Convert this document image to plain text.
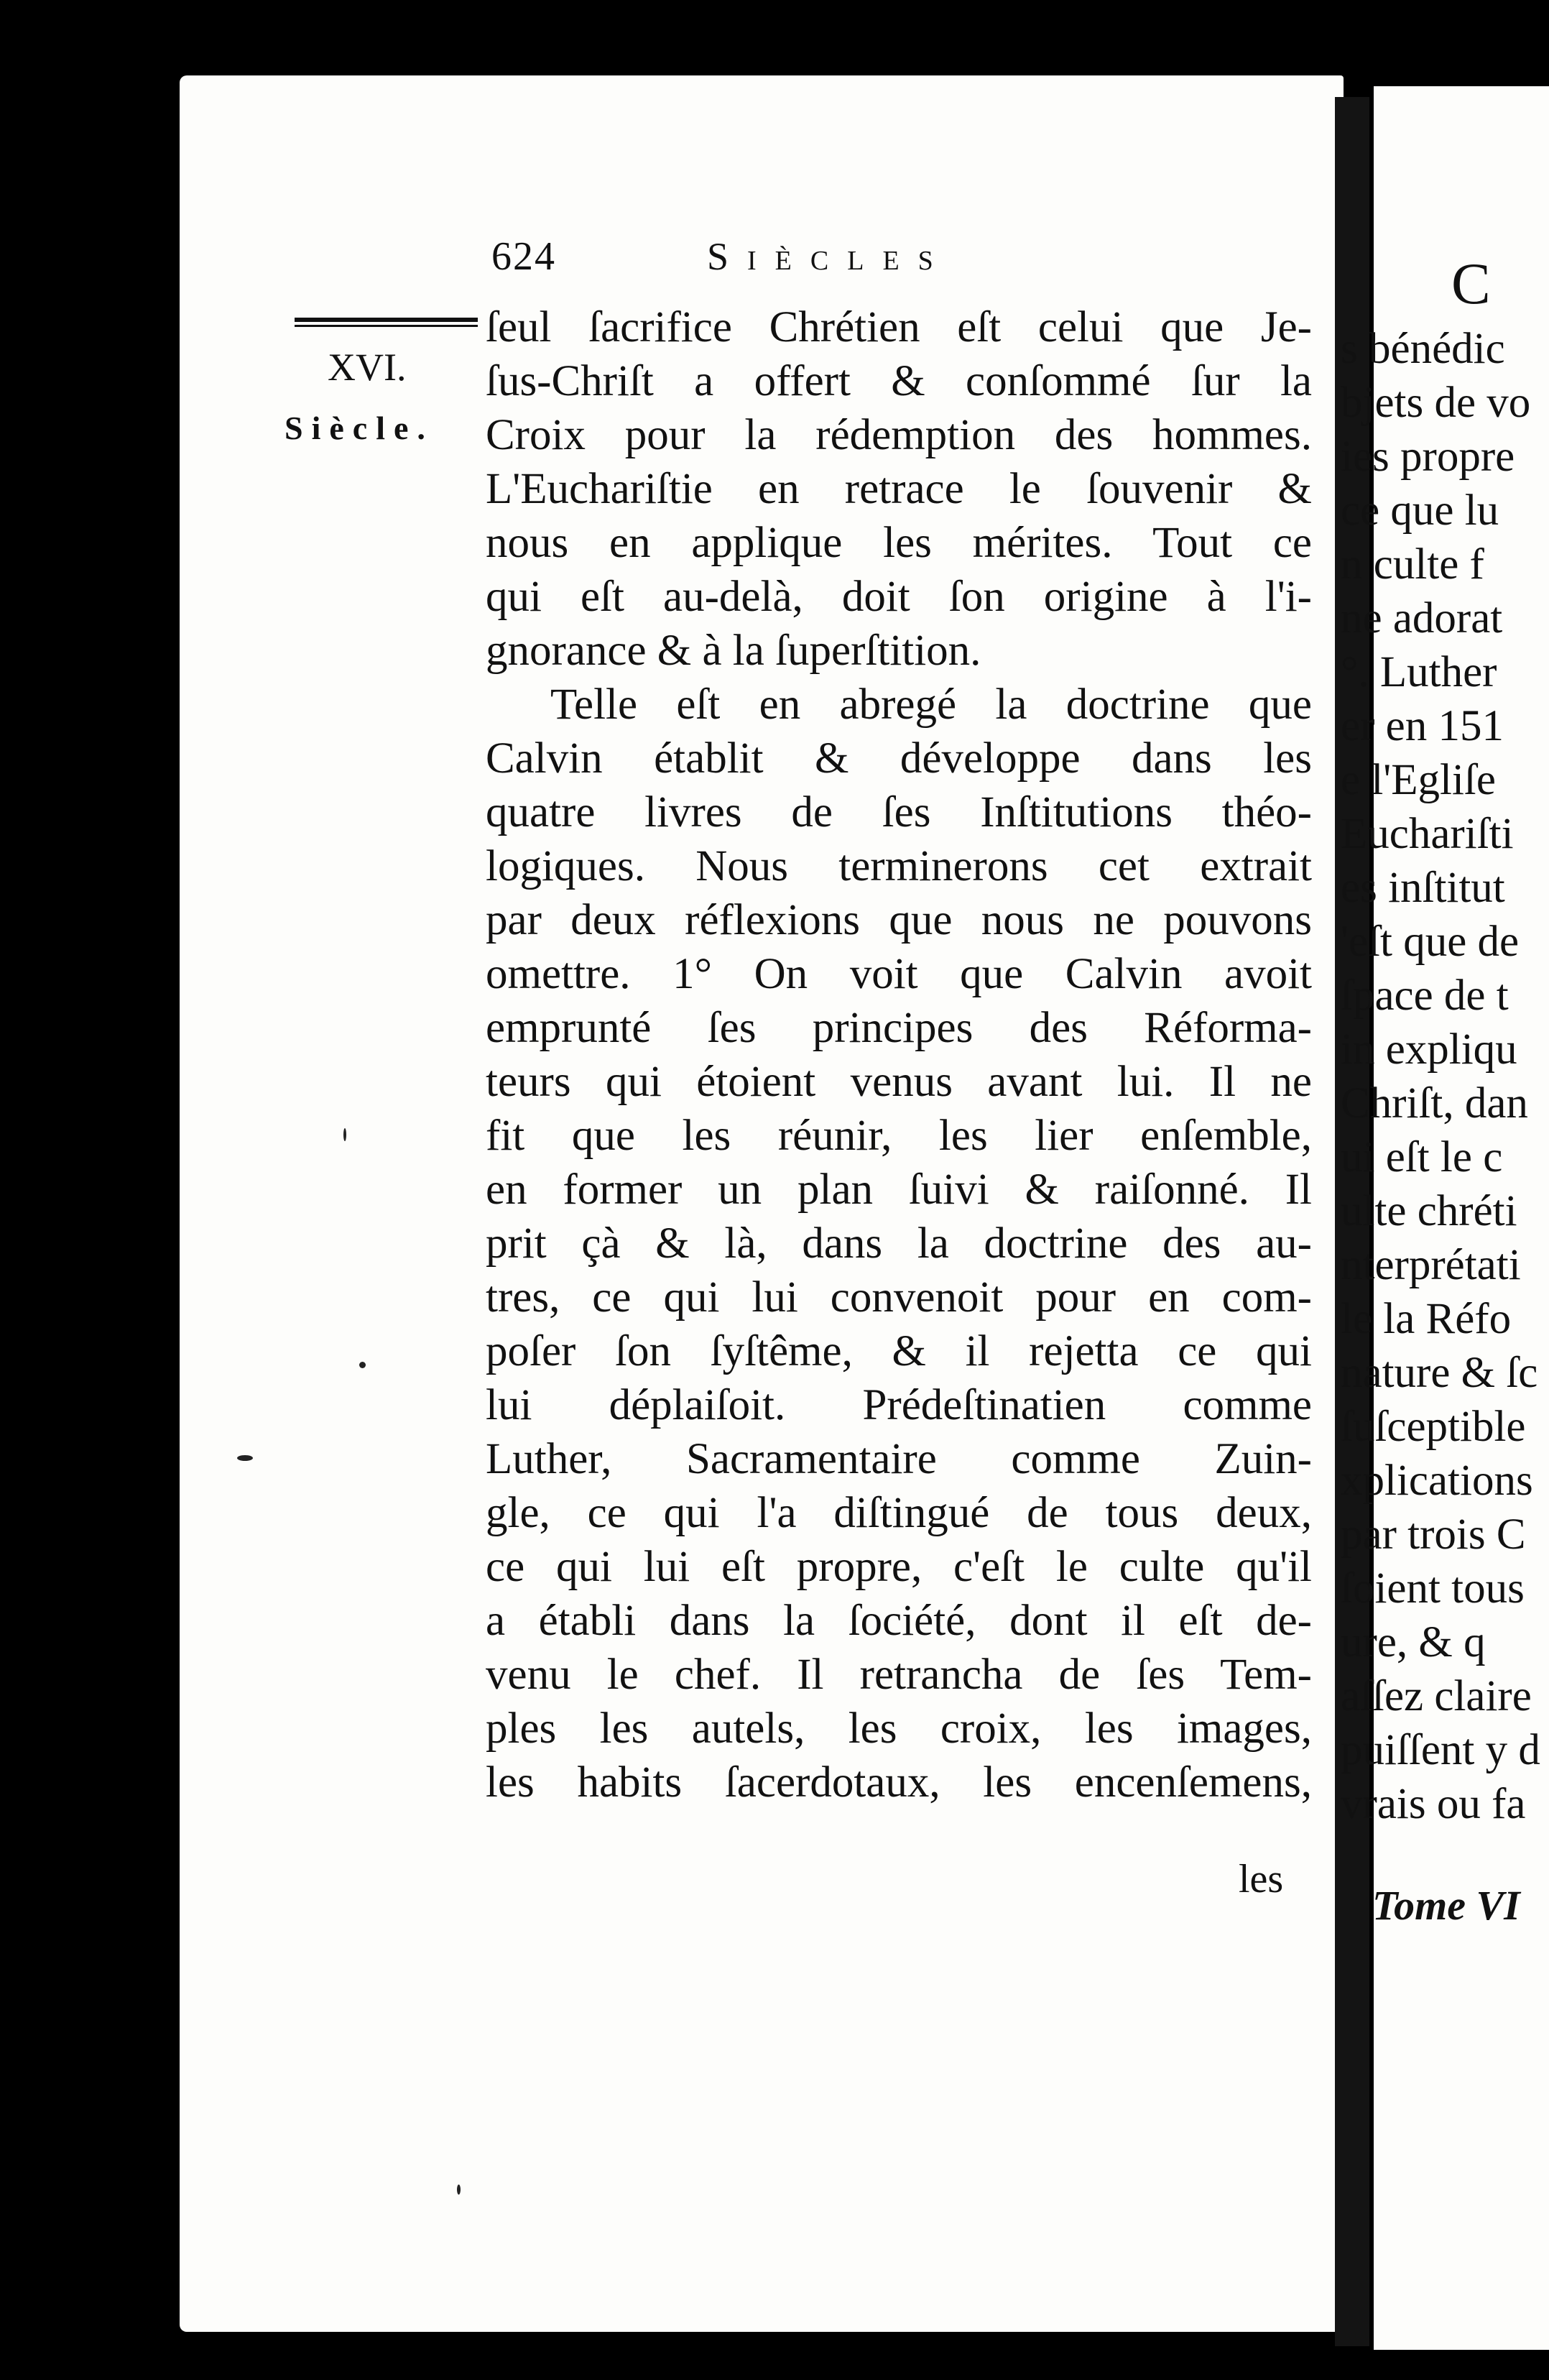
624	Siècles
XVI.
Siècle.
ſeul ſacrifice Chrétien eſt celui que Je-
ſus-Chriſt a offert & conſommé ſur la
Croix pour la rédemption des hommes.
L'Euchariſtie en retrace le ſouvenir &
nous en applique les mérites. Tout ce
qui eſt au-delà, doit ſon origine à l'i-
gnorance & à la ſuperſtition.
Telle eſt en abregé la doctrine que
Calvin établit & développe dans les
quatre livres de ſes Inſtitutions théo-
logiques. Nous terminerons cet extrait
par deux réflexions que nous ne pouvons
omettre. 1° On voit que Calvin avoit
emprunté ſes principes des Réforma-
teurs qui étoient venus avant lui. Il ne
fit que les réunir, les lier enſemble,
en former un plan ſuivi & raiſonné. Il
prit çà & là, dans la doctrine des au-
tres, ce qui lui convenoit pour en com-
poſer ſon ſyſtême, & il rejetta ce qui
lui déplaiſoit. Prédeſtinatien comme
Luther, Sacramentaire comme Zuin-
gle, ce qui l'a diſtingué de tous deux,
ce qui lui eſt propre, c'eſt le culte qu'il
a établi dans la ſociété, dont il eſt de-
venu le chef. Il retrancha de ſes Tem-
ples les autels, les croix, les images,
les habits ſacerdotaux, les encenſemens,
les
C
s bénédic
bjets de vo
ies propre
ce que lu
n culte f
ne adorat
°. Luther
er en 151
e l'Egliſe
Euchariſti
es inſtitut
'eſt que de
ſpace de t
in expliqu
Chriſt, dan
ui eſt le c
ulte chréti
nterprétati
le la Réfo
nature & ſc
ſuſceptible
xplications
par trois C
ſoient tous
ure, & q
aſſez claire
puiſſent y d
vrais ou fa
Tome VI
